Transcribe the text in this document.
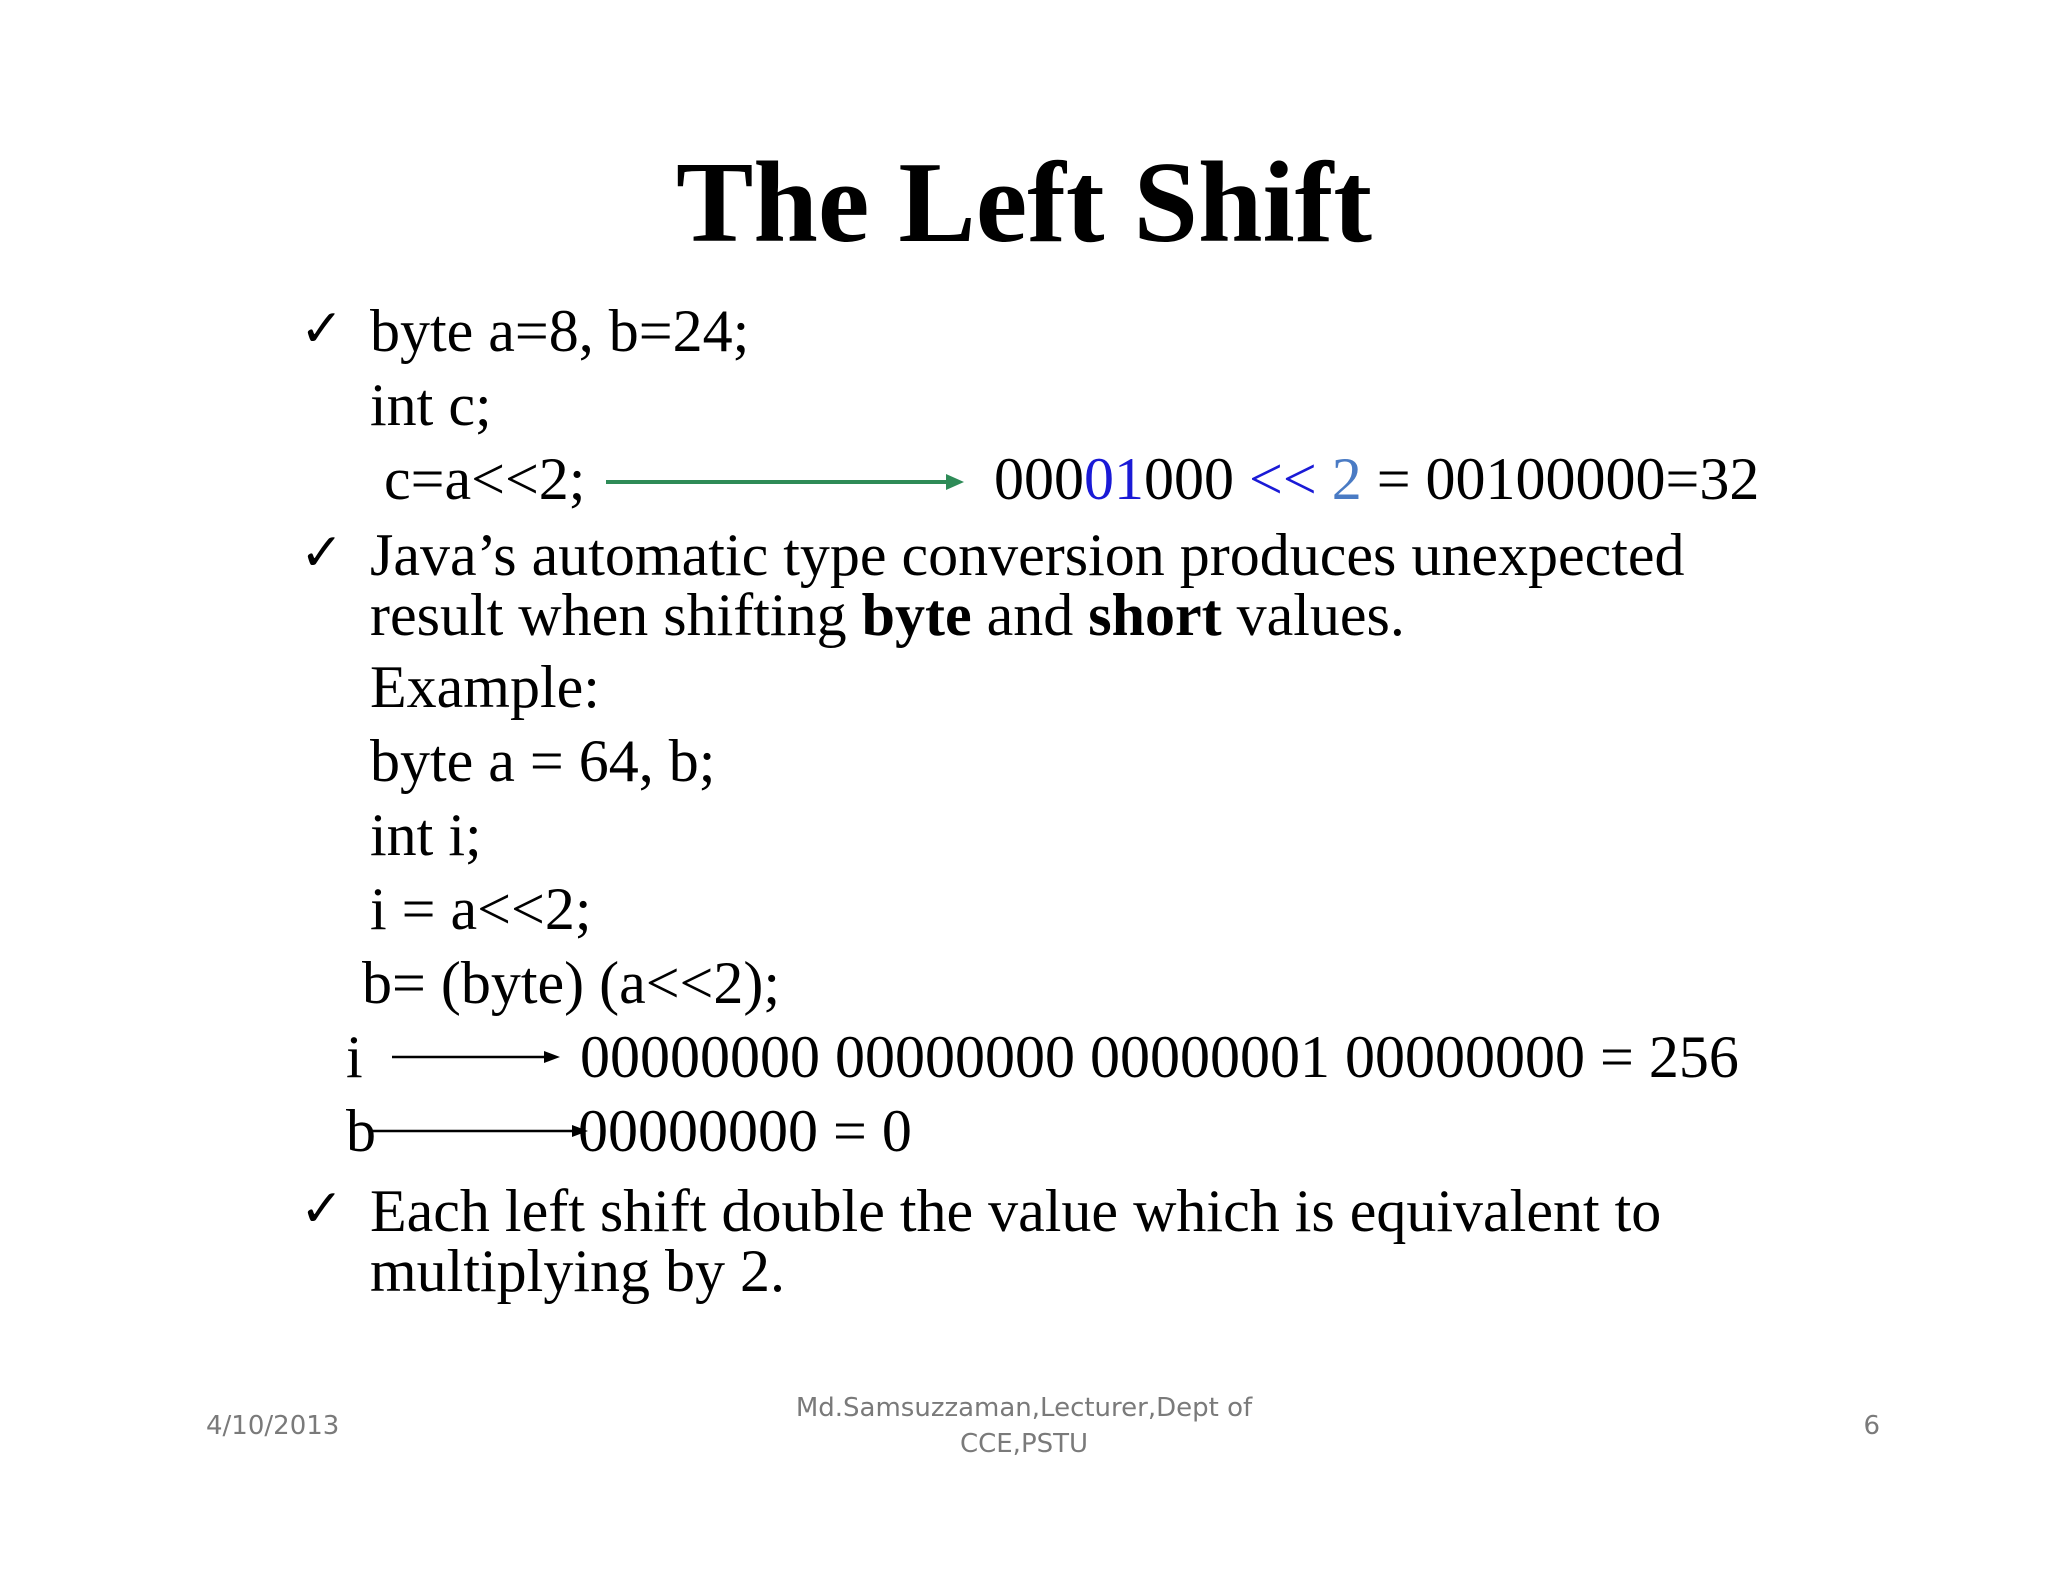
The Left Shift
✓ byte a=8, b=24;
int c;
c=a<<2;	00001000 << 2 = 00100000=32
✓ Java’s automatic type conversion produces unexpected
result when shifting byte and short values.
Example:
byte a = 64, b;
int i;
i = a<<2;
b= (byte) (a<<2);
i	00000000 00000000 00000001 00000000 = 256
b	00000000 = 0
✓ Each left shift double the value which is equivalent to
multiplying by 2.
4/10/2013
Md.Samsuzzaman,Lecturer,Dept of
CCE,PSTU
6
